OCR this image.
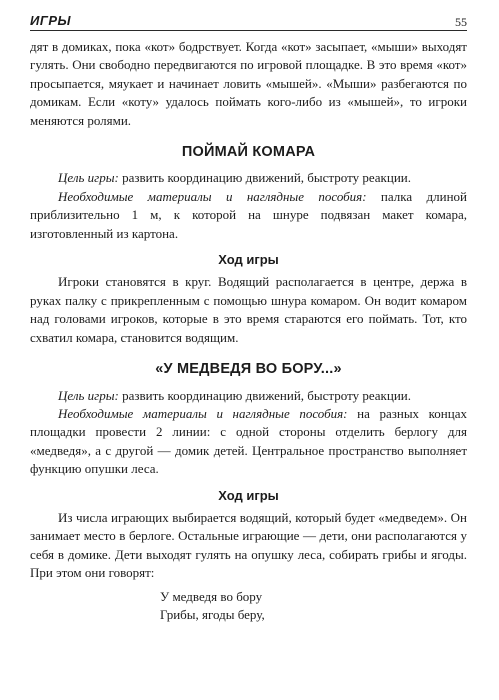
ИГРЫ	55

дят в домиках, пока «кот» бодрствует. Когда «кот» засыпает, «мыши» выходят гулять. Они свободно передвигаются по игровой площадке. В это время «кот» просыпается, мяукает и начинает ловить «мышей». «Мыши» разбегаются по домикам. Если «коту» удалось поймать кого-либо из «мышей», то игроки меняются ролями.

ПОЙМАЙ КОМАРА

Цель игры: развить координацию движений, быстроту реакции.

Необходимые материалы и наглядные пособия: палка длиной приблизительно 1 м, к которой на шнуре подвязан макет комара, изготовленный из картона.

Ход игры

Игроки становятся в круг. Водящий располагается в центре, держа в руках палку с прикрепленным с помощью шнура комаром. Он водит комаром над головами игроков, которые в это время стараются его поймать. Тот, кто схватил комара, становится водящим.

«У МЕДВЕДЯ ВО БОРУ...»

Цель игры: развить координацию движений, быстроту реакции.

Необходимые материалы и наглядные пособия: на разных концах площадки провести 2 линии: с одной стороны отделить берлогу для «медведя», а с другой — домик детей. Центральное пространство выполняет функцию опушки леса.

Ход игры

Из числа играющих выбирается водящий, который будет «медведем». Он занимает место в берлоге. Остальные играющие — дети, они располагаются у себя в домике. Дети выходят гулять на опушку леса, собирать грибы и ягоды. При этом они говорят:

У медведя во бору

Грибы, ягоды беру,
